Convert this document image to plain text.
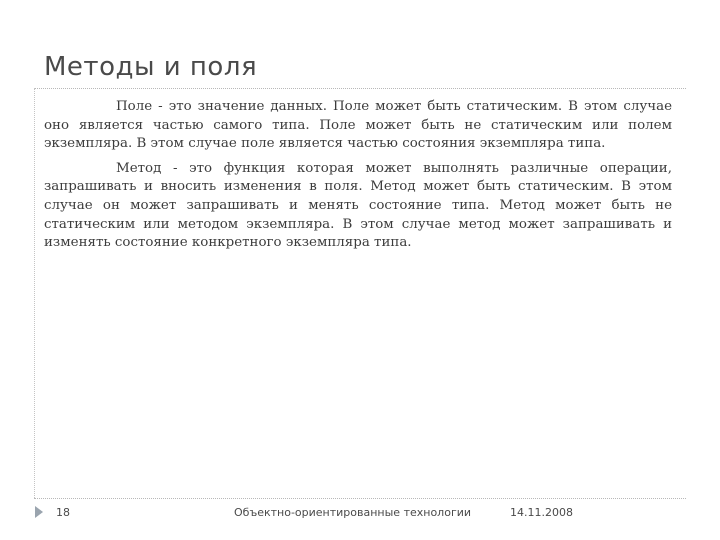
Методы и поля

Поле - это значение данных. Поле может быть статическим. В этом случае оно является частью самого типа. Поле может быть не статическим или полем экземпляра. В этом случае поле является частью состояния экземпляра типа.

Метод - это функция которая может выполнять различные операции, запрашивать и вносить изменения в поля. Метод может быть статическим. В этом случае он может запрашивать и менять состояние типа. Метод может быть не статическим или методом экземпляра. В этом случае метод может запрашивать и изменять состояние конкретного экземпляра типа.

18	Объектно-ориентированные технологии	14.11.2008
